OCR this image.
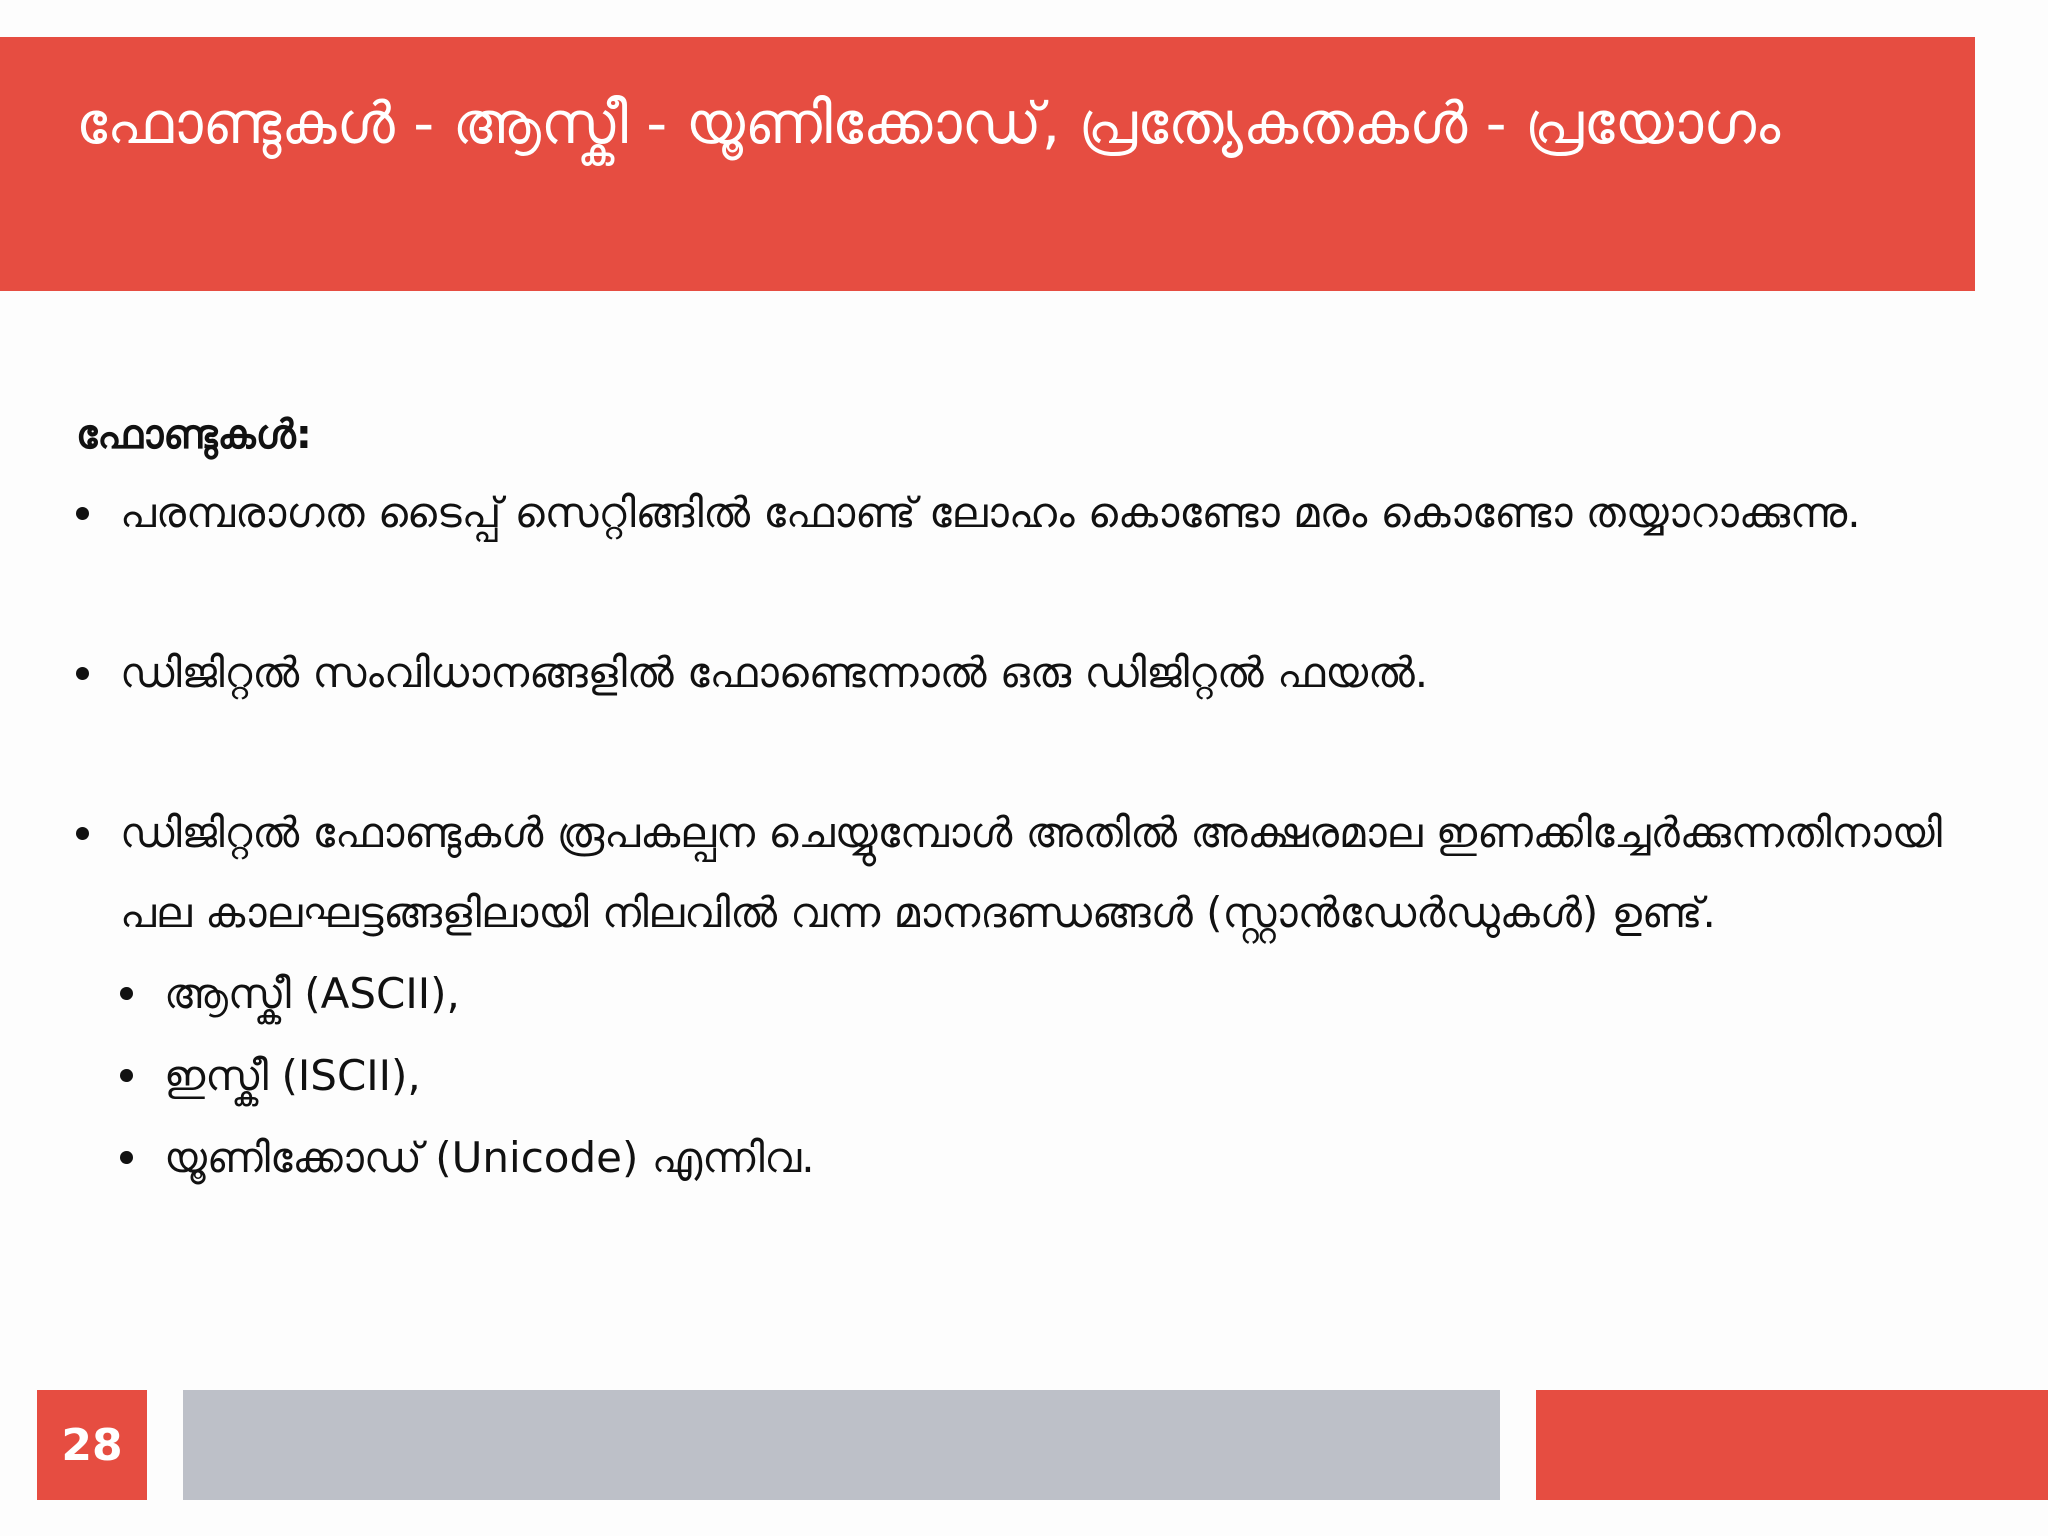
ഫോണ്ടുകൾ - ആസ്കീ - യൂണിക്കോഡ്, പ്രത്യേകതകൾ - പ്രയോഗം

ഫോണ്ടുകൾ:

പരമ്പരാഗത ടൈപ്പ് സെറ്റിങ്ങിൽ ഫോണ്ട് ലോഹം കൊണ്ടോ മരം കൊണ്ടോ തയ്യാറാക്കുന്നു.
ഡിജിറ്റൽ സംവിധാനങ്ങളിൽ ഫോണ്ടെന്നാൽ ഒരു ഡിജിറ്റൽ ഫയൽ.
ഡിജിറ്റൽ ഫോണ്ടുകൾ രൂപകല്പന ചെയ്യുമ്പോൾ അതിൽ അക്ഷരമാല ഇണക്കിച്ചേർക്കുന്നതിനായി പല കാലഘട്ടങ്ങളിലായി നിലവിൽ വന്ന മാനദണ്ഡങ്ങൾ (സ്റ്റാൻഡേർഡുകൾ) ഉണ്ട്.
ആസ്കീ (ASCII),
ഇസ്കീ (ISCII),
യൂണിക്കോഡ് (Unicode) എന്നിവ.
28
